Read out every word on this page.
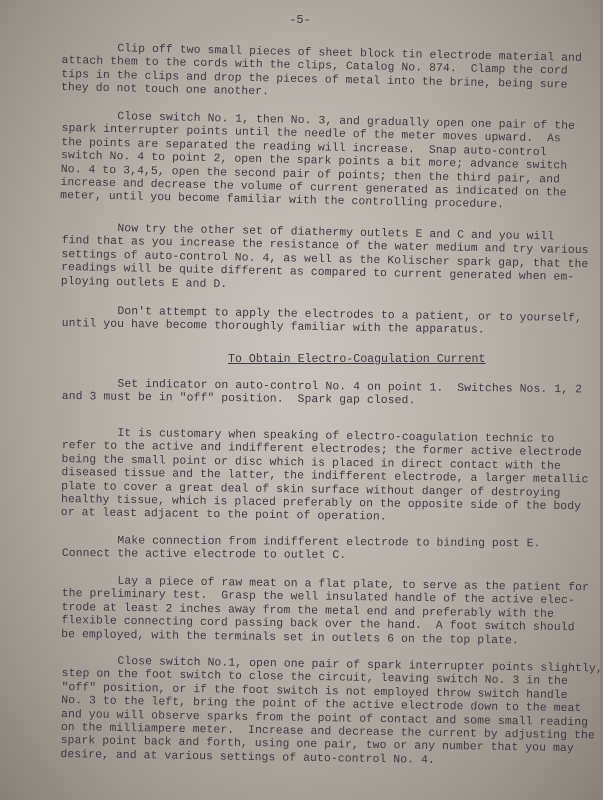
-5-

Clip off two small pieces of sheet block tin electrode material and
attach them to the cords with the clips, Catalog No. 874.  Clamp the cord
tips in the clips and drop the pieces of metal into the brine, being sure
they do not touch one another.

Close switch No. 1, then No. 3, and gradually open one pair of the
spark interrupter points until the needle of the meter moves upward.  As
the points are separated the reading will increase.  Snap auto-control
switch No. 4 to point 2, open the spark points a bit more; advance switch
No. 4 to 3,4,5, open the second pair of points; then the third pair, and
increase and decrease the volume of current generated as indicated on the
meter, until you become familiar with the controlling procedure.

Now try the other set of diathermy outlets E and C and you will
find that as you increase the resistance of the water medium and try various
settings of auto-control No. 4, as well as the Kolischer spark gap, that the
readings will be quite different as compared to current generated when em-
ploying outlets E and D.

Don't attempt to apply the electrodes to a patient, or to yourself,
until you have become thoroughly familiar with the apparatus.

To Obtain Electro-Coagulation Current

Set indicator on auto-control No. 4 on point 1.  Switches Nos. 1, 2
and 3 must be in "off" position.  Spark gap closed.

It is customary when speaking of electro-coagulation technic to
refer to the active and indifferent electrodes; the former active electrode
being the small point or disc which is placed in direct contact with the
diseased tissue and the latter, the indifferent electrode, a larger metallic
plate to cover a great deal of skin surface without danger of destroying
healthy tissue, which is placed preferably on the opposite side of the body
or at least adjacent to the point of operation.

Make connection from indifferent electrode to binding post E.
Connect the active electrode to outlet C.

Lay a piece of raw meat on a flat plate, to serve as the patient for
the preliminary test.  Grasp the well insulated handle of the active elec-
trode at least 2 inches away from the metal end and preferably with the
flexible connecting cord passing back over the hand.  A foot switch should
be employed, with the terminals set in outlets 6 on the top plate.

Close switch No.1, open one pair of spark interrupter points slightly,
step on the foot switch to close the circuit, leaving switch No. 3 in the
"off" position, or if the foot switch is not employed throw switch handle
No. 3 to the left, bring the point of the active electrode down to the meat
and you will observe sparks from the point of contact and some small reading
on the milliampere meter.  Increase and decrease the current by adjusting the
spark point back and forth, using one pair, two or any number that you may
desire, and at various settings of auto-control No. 4.
